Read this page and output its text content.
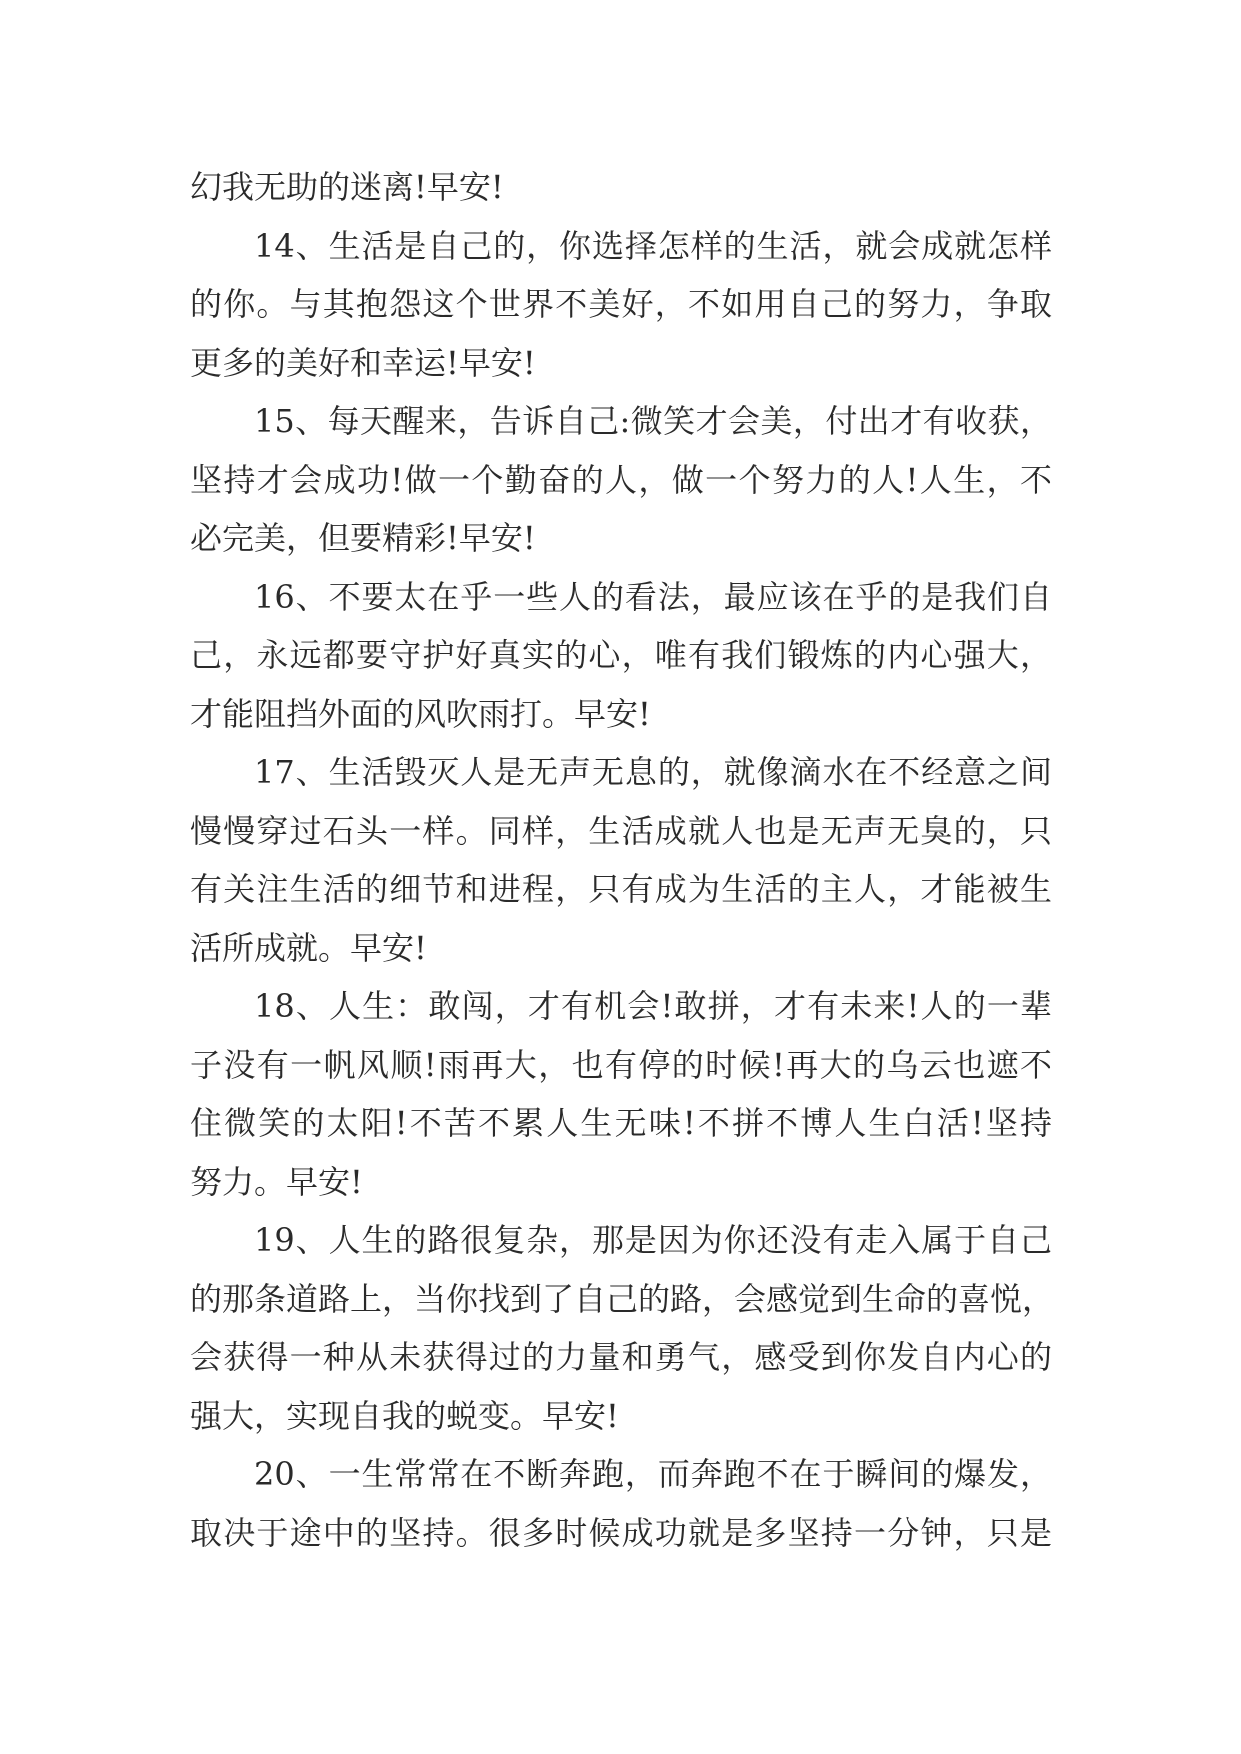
幻我无助的迷离!早安!
14、生活是自己的，你选择怎样的生活，就会成就怎样
的你。与其抱怨这个世界不美好，不如用自己的努力，争取
更多的美好和幸运!早安!
15、每天醒来，告诉自己:微笑才会美，付出才有收获，
坚持才会成功!做一个勤奋的人，做一个努力的人!人生，不
必完美，但要精彩!早安!
16、不要太在乎一些人的看法，最应该在乎的是我们自
己，永远都要守护好真实的心，唯有我们锻炼的内心强大，
才能阻挡外面的风吹雨打。早安!
17、生活毁灭人是无声无息的，就像滴水在不经意之间
慢慢穿过石头一样。同样，生活成就人也是无声无臭的，只
有关注生活的细节和进程，只有成为生活的主人，才能被生
活所成就。早安!
18、人生：敢闯，才有机会!敢拼，才有未来!人的一辈
子没有一帆风顺!雨再大，也有停的时候!再大的乌云也遮不
住微笑的太阳!不苦不累人生无味!不拼不博人生白活!坚持
努力。早安!
19、人生的路很复杂，那是因为你还没有走入属于自己
的那条道路上，当你找到了自己的路，会感觉到生命的喜悦，
会获得一种从未获得过的力量和勇气，感受到你发自内心的
强大，实现自我的蜕变。早安!
20、一生常常在不断奔跑，而奔跑不在于瞬间的爆发，
取决于途中的坚持。很多时候成功就是多坚持一分钟，只是
